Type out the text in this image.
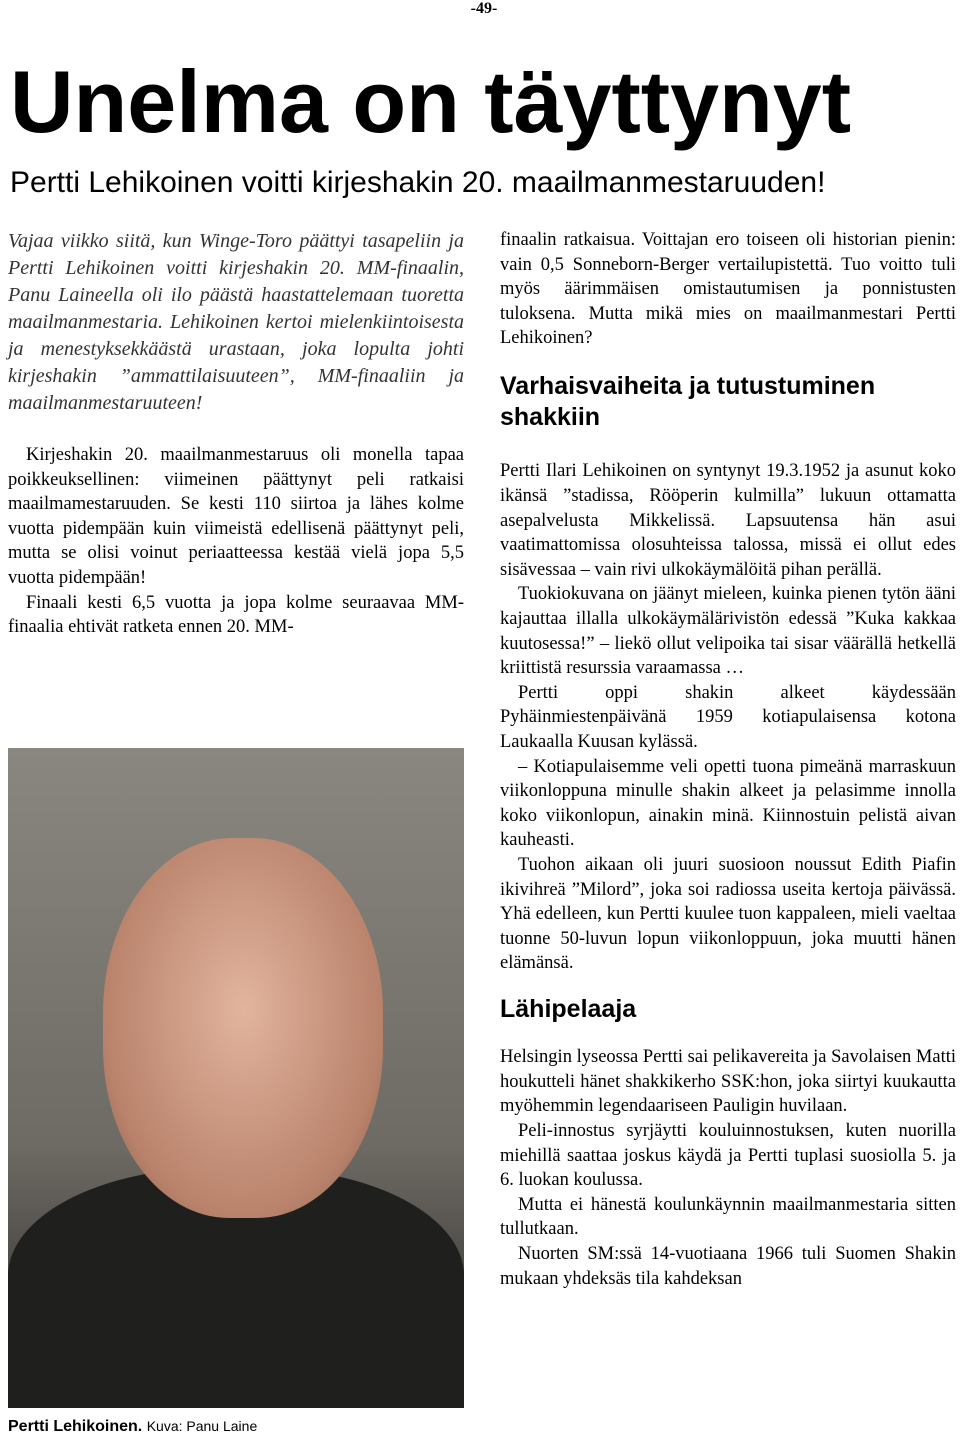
-49-
Unelma on täyttynyt
Pertti Lehikoinen voitti kirjeshakin 20. maailmanmestaruuden!

Vajaa viikko siitä, kun Winge-Toro päättyi tasapeliin ja Pertti Lehikoinen voitti kirjeshakin 20. MM-finaalin, Panu Laineella oli ilo päästä haastattelemaan tuoretta maailmanmestaria. Lehikoinen kertoi mielenkiintoisesta ja menestyksekkäästä urastaan, joka lopulta johti kirjeshakin ”ammattilaisuuteen”, MM-finaaliin ja maailmanmestaruuteen!

Kirjeshakin 20. maailmanmestaruus oli monella tapaa poikkeuksellinen: viimeinen päättynyt peli ratkaisi maailmamestaruuden. Se kesti 110 siirtoa ja lähes kolme vuotta pidempään kuin viimeistä edellisenä päättynyt peli, mutta se olisi voinut periaatteessa kestää vielä jopa 5,5 vuotta pidempään!

Finaali kesti 6,5 vuotta ja jopa kolme seuraavaa MM-finaalia ehtivät ratketa ennen 20. MM-

Pertti Lehikoinen. Kuva: Panu Laine

finaalin ratkaisua. Voittajan ero toiseen oli historian pienin: vain 0,5 Sonneborn-Berger vertailupistettä. Tuo voitto tuli myös äärimmäisen omistautumisen ja ponnistusten tuloksena. Mutta mikä mies on maailmanmestari Pertti Lehikoinen?

Varhaisvaiheita ja tutustuminen shakkiin

Pertti Ilari Lehikoinen on syntynyt 19.3.1952 ja asunut koko ikänsä ”stadissa, Rööperin kulmilla” lukuun ottamatta asepalvelusta Mikkelissä. Lapsuutensa hän asui vaatimattomissa olosuhteissa talossa, missä ei ollut edes sisävessaa – vain rivi ulkokäymälöitä pihan perällä.

Tuokiokuvana on jäänyt mieleen, kuinka pienen tytön ääni kajauttaa illalla ulkokäymälärivistön edessä ”Kuka kakkaa kuutosessa!” – liekö ollut velipoika tai sisar väärällä hetkellä kriittistä resurssia varaamassa …

Pertti oppi shakin alkeet käydessään Pyhäinmiestenpäivänä 1959 kotiapulaisensa kotona Laukaalla Kuusan kylässä.

– Kotiapulaisemme veli opetti tuona pimeänä marraskuun viikonloppuna minulle shakin alkeet ja pelasimme innolla koko viikonlopun, ainakin minä. Kiinnostuin pelistä aivan kauheasti.

Tuohon aikaan oli juuri suosioon noussut Edith Piafin ikivihreä ”Milord”, joka soi radiossa useita kertoja päivässä. Yhä edelleen, kun Pertti kuulee tuon kappaleen, mieli vaeltaa tuonne 50-luvun lopun viikonloppuun, joka muutti hänen elämänsä.

Lähipelaaja

Helsingin lyseossa Pertti sai pelikavereita ja Savolaisen Matti houkutteli hänet shakkikerho SSK:hon, joka siirtyi kuukautta myöhemmin legendaariseen Pauligin huvilaan.

Peli-innostus syrjäytti kouluinnostuksen, kuten nuorilla miehillä saattaa joskus käydä ja Pertti tuplasi suosiolla 5. ja 6. luokan koulussa.

Mutta ei hänestä koulunkäynnin maailmanmestaria sitten tullutkaan.

Nuorten SM:ssä 14-vuotiaana 1966 tuli Suomen Shakin mukaan yhdeksäs tila kahdeksan
